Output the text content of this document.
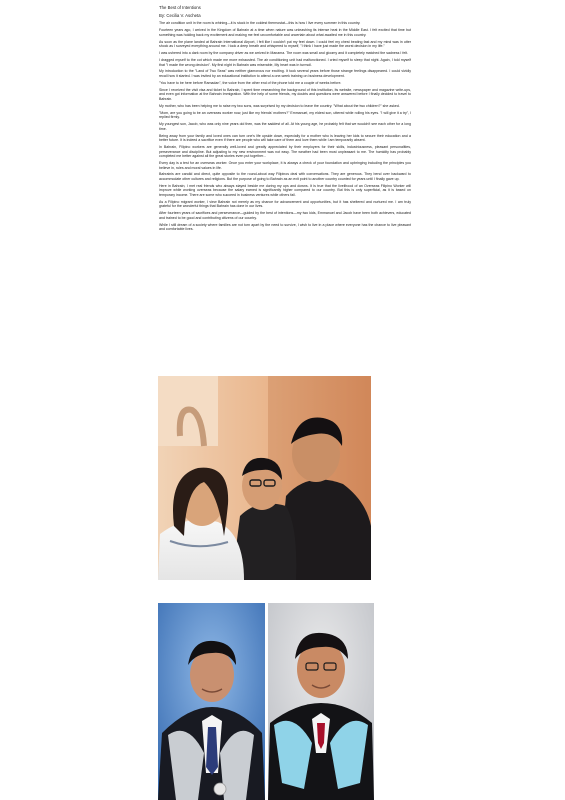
The Best of Intentions
By: Cecilia V. Ascheta

The air condition unit in the room is whining—it is stuck in the coldest thermostat—this is how I live every summer in this country.

Fourteen years ago, I arrived in the Kingdom of Bahrain at a time when nature was unleashing its intense heat in the Middle East. I felt excited that time but something was holding back my excitement and making me feel uncomfortable and uncertain about what awaited me in this country.

As soon as the plane landed at Bahrain International Airport, I felt like I couldn't put my feet down. I could feel my chest beating fast and my mind was in utter shock as I surveyed everything around me. I took a deep breath and whispered to myself, "I think I have just made the worst decision in my life."

I was ushered into a dark room by the company driver as we arrived in Manama. The room was small and gloomy and it completely matched the sadness I felt.

I dragged myself to the cot which made me more exhausted. The air conditioning unit had malfunctioned. I cried myself to sleep that night. Again, I told myself that "I made the wrong decision". My first night in Bahrain was miserable, My heart was in turmoil.

My introduction to the "Land of Two Seas" was neither glamorous nor exciting. It took several years before those strange feelings disappeared. I could vividly recall how it started. I was invited by an educational institution to attend a one-week training on business development.

"You have to be here before Ramadan", the voice from the other end of the phone told me a couple of weeks before.

Since I received the visit visa and ticket to Bahrain, I spent time researching the background of this institution, its website, newspaper and magazine write-ups, and even got information at the Bahrain Immigration. With the help of some friends, my doubts and questions were answered before I finally decided to travel to Bahrain.

My mother, who has been helping me to raise my two sons, was surprised by my decision to leave the country. "What about the two children?" she asked.

"Mom, are you going to be an overseas worker now, just like my friends' mothers?" Emmanuel, my eldest son, uttered while rolling his eyes. "I will give it a try", I replied firmly.

My youngest son, Jacob, who was only nine years old then, was the saddest of all. At his young age, he probably felt that we wouldn't see each other for a long time.

Being away from your family and loved ones can turn one's life upside down, especially for a mother who is leaving her kids to secure their education and a better future. It is indeed a sacrifice even if there are people who will take care of them and love them while I am temporarily absent.

In Bahrain, Filipino workers are generally well-loved and greatly appreciated by their employers for their skills, industriousness, pleasant personalities, perseverance and discipline. But adjusting to my new environment was not easy. The weather had been most unpleasant to me. The humidity has probably completed me better against all the great stories even put together...

Every day is a test for an overseas worker. Once you enter your workplace, it is always a check of your foundation and upbringing including the principles you believe in, rules and moral values in life.

Bahrainis are candid and direct, quite opposite to the round-about way Filipinos deal with conversations. They are generous. They bend over backward to accommodate other cultures and religions. But the purpose of going to Bahrain as an exit point to another country counted for years until I finally gave up.

Here in Bahrain, I met real friends who always stayed beside me during my ups and downs. It is true that the livelihood of an Overseas Filipino Worker will improve while working overseas because the salary earned is significantly higher compared to our country. But this is only superficial, as it is based on temporary income. There are some who succeed in business ventures while others fail.

As a Filipino migrant worker, I view Bahrain not merely as my chance for advancement and opportunities, but it has sheltered and nurtured me. I am truly grateful for the wonderful things that Bahrain has done in our lives.

After fourteen years of sacrifices and perseverance—guided by the best of intentions—my two kids, Emmanuel and Jacob have been both achievers, educated and trained to be good and contributing citizens of our country.

While I still dream of a society where families are not torn apart by the need to survive, I wish to live in a place where everyone has the chance to live pleasant and comfortable lives.
